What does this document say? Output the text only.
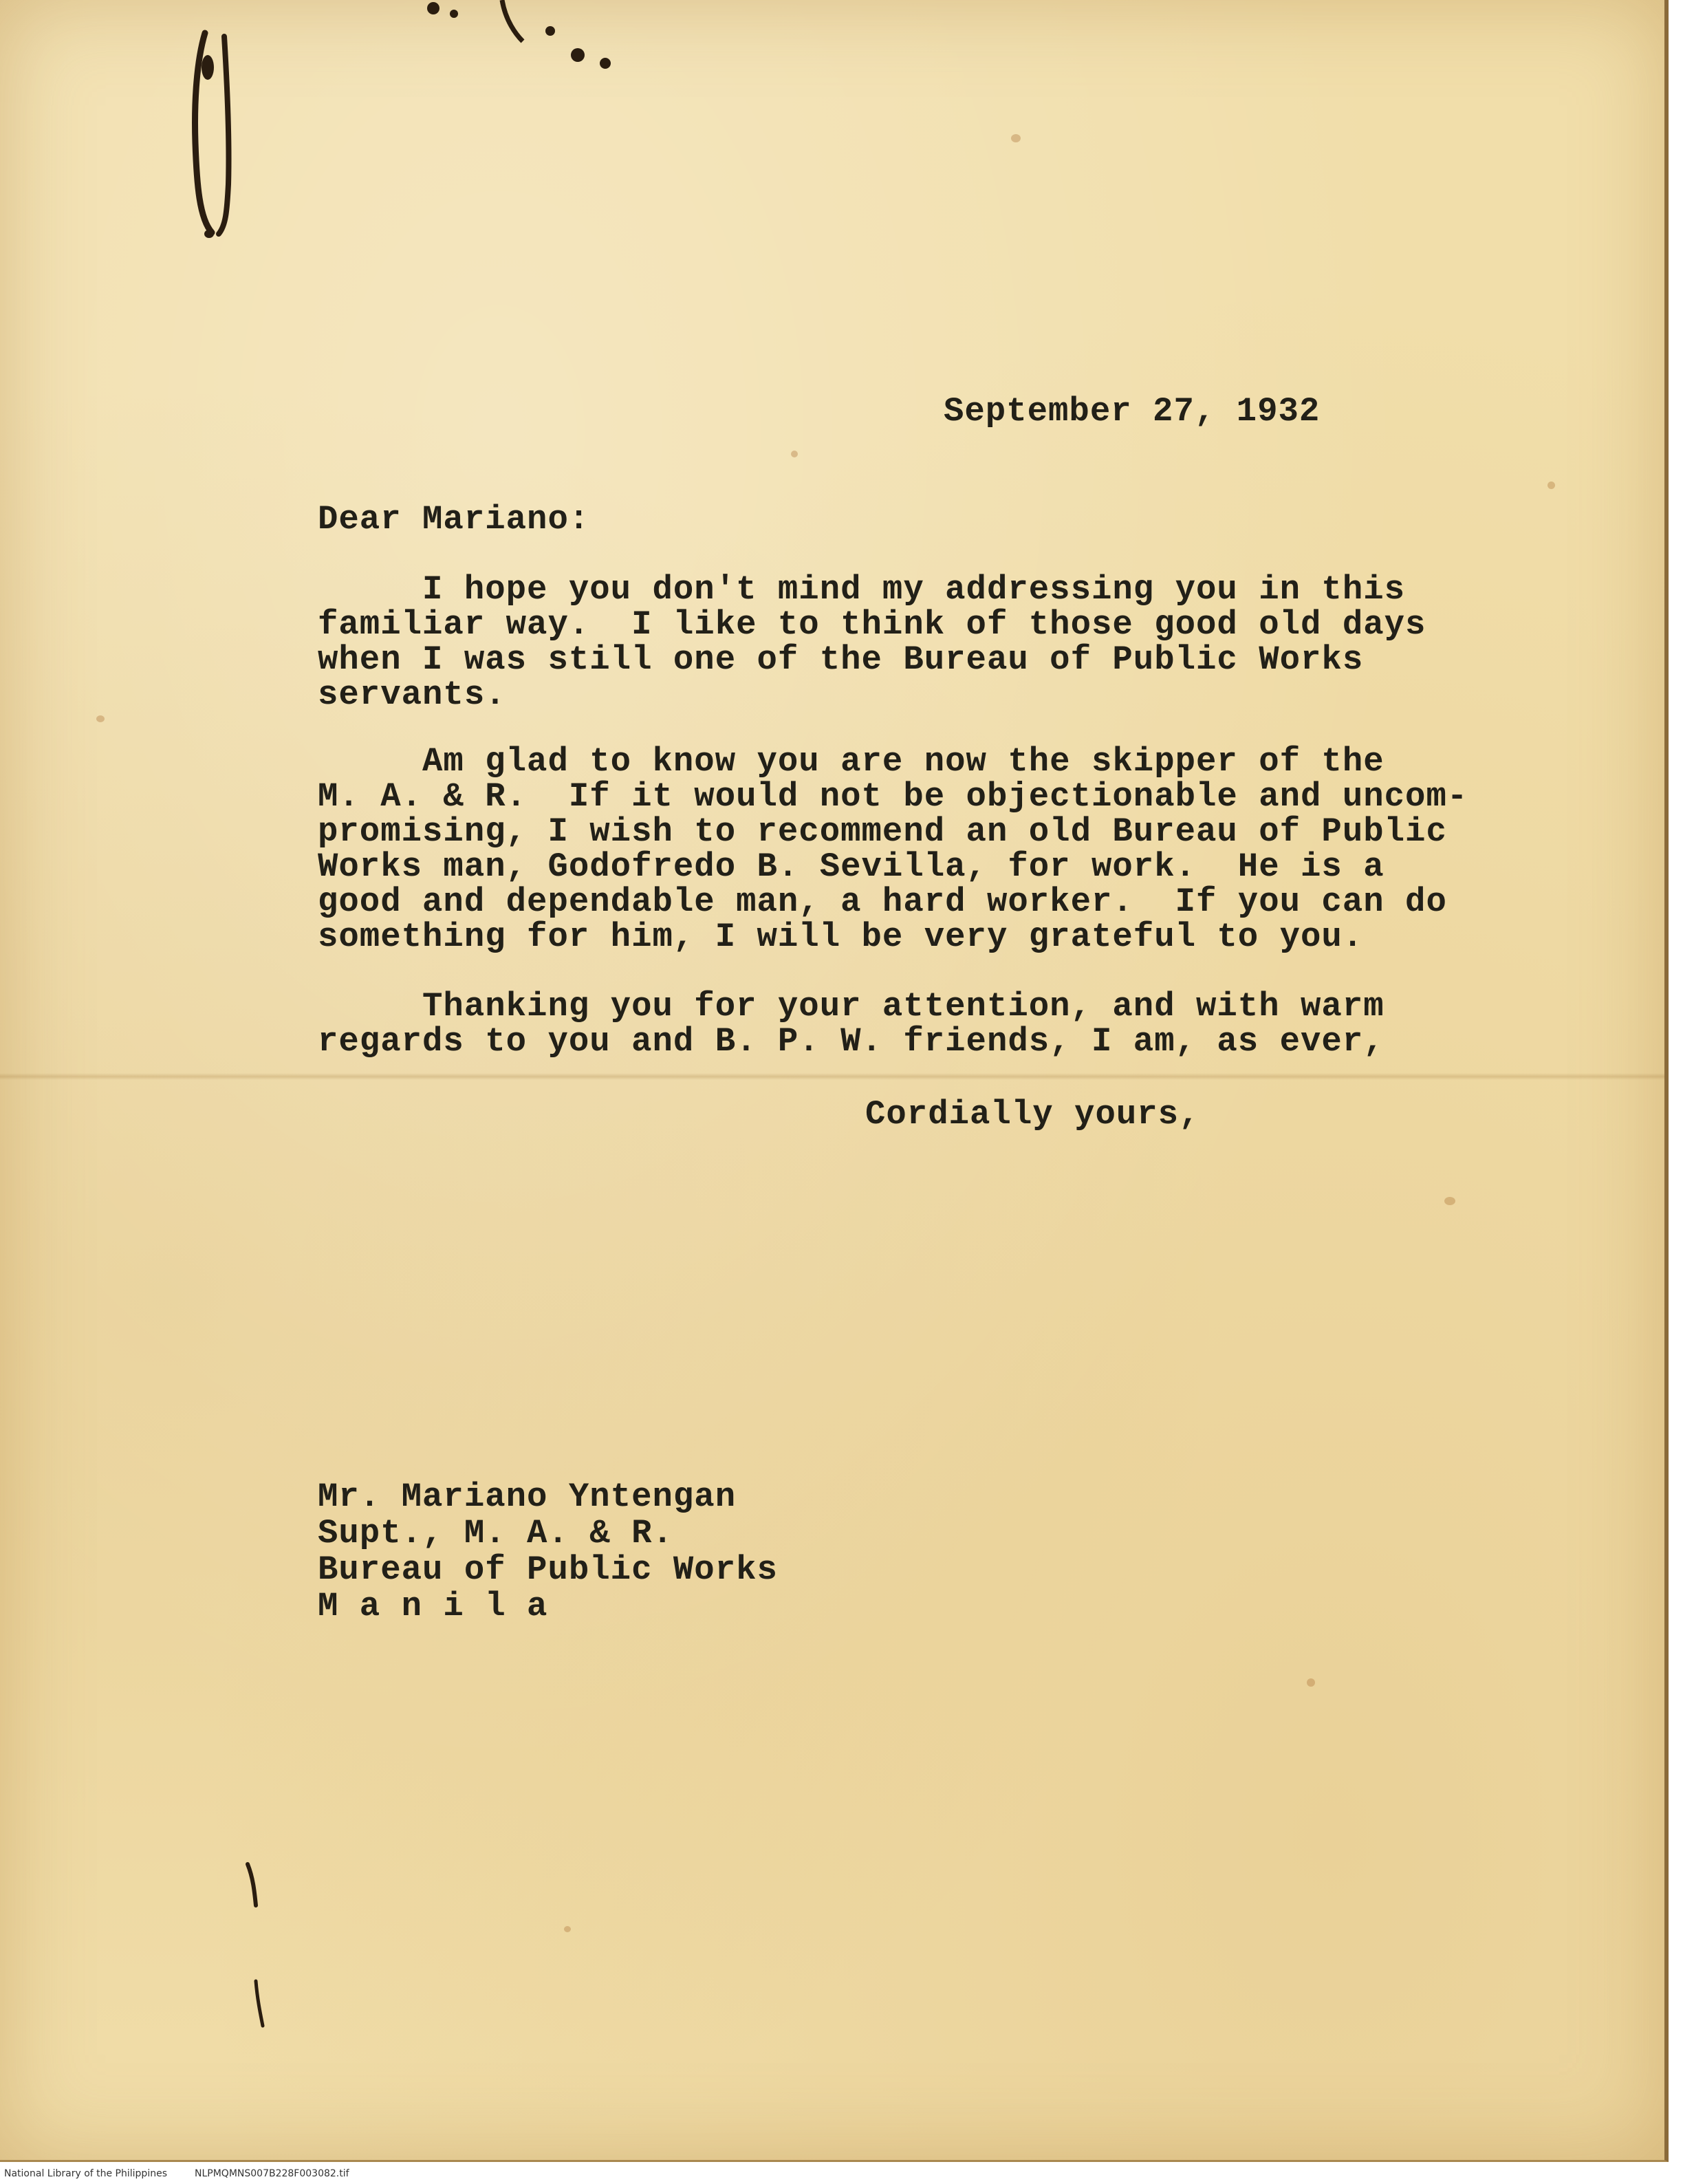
September 27, 1932
Dear Mariano:
I hope you don't mind my addressing you in this
familiar way.  I like to think of those good old days
when I was still one of the Bureau of Public Works
servants.
Am glad to know you are now the skipper of the
M. A. & R.  If it would not be objectionable and uncom-
promising, I wish to recommend an old Bureau of Public
Works man, Godofredo B. Sevilla, for work.  He is a
good and dependable man, a hard worker.  If you can do
something for him, I will be very grateful to you.
Thanking you for your attention, and with warm
regards to you and B. P. W. friends, I am, as ever,
Cordially yours,
Mr. Mariano Yntengan
Supt., M. A. & R.
Bureau of Public Works
M a n i l a
National Library of the Philippines	NLPMQMNS007B228F003082.tif
